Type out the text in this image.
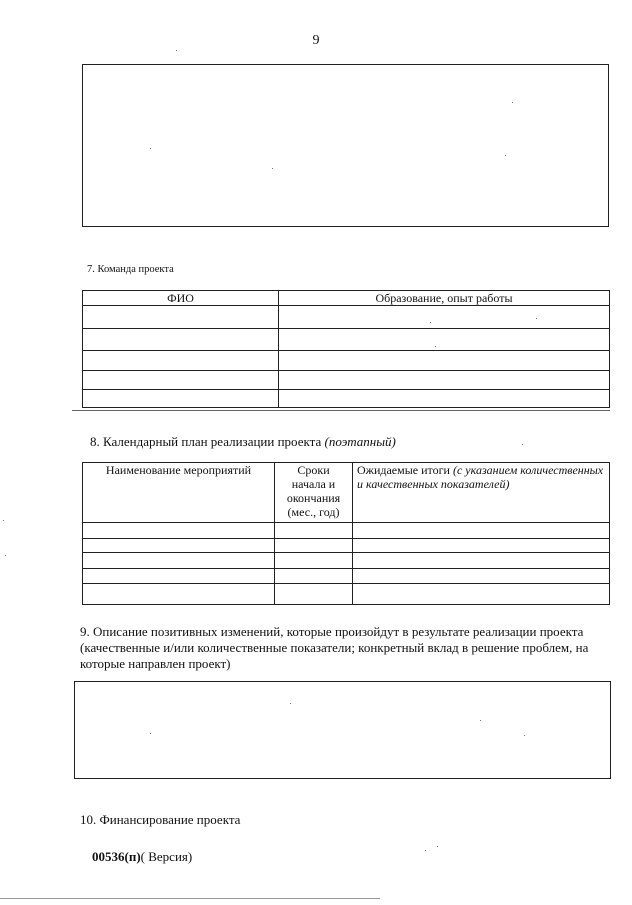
9
7. Команда проекта
ФИО	Образование, опыт работы

8. Календарный план реализации проекта (поэтапный)
Наименование мероприятий	Сроки начала и окончания (мес., год)	Ожидаемые итоги (с указанием количественных и качественных показателей)

9. Описание позитивных изменений, которые произойдут в результате реализации проекта (качественные и/или количественные показатели; конкретный вклад в решение проблем, на которые направлен проект)
10. Финансирование проекта
00536(п)( Версия)
